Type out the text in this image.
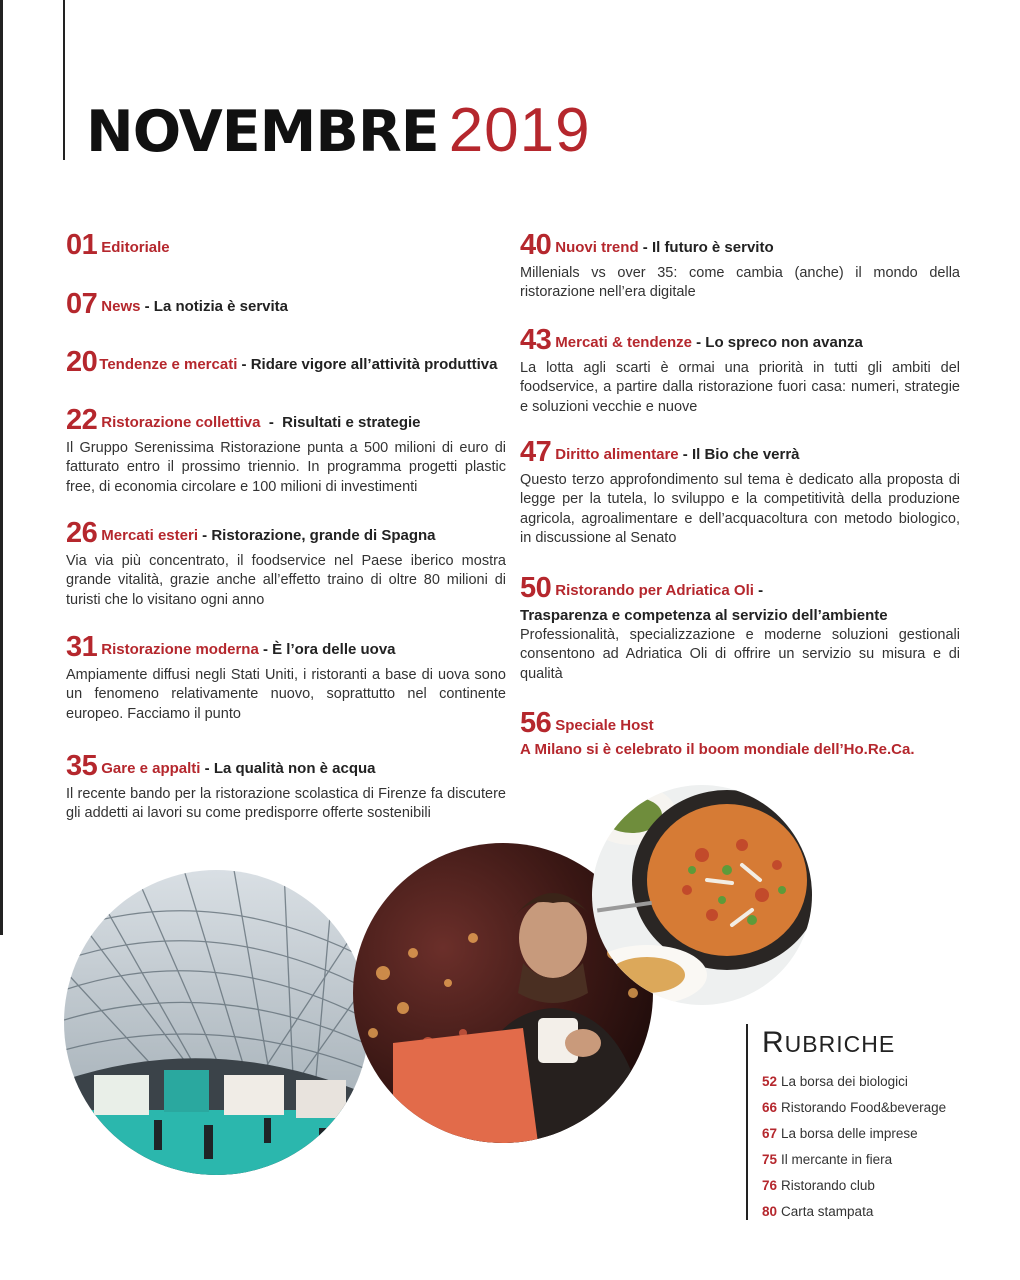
NOVEMBRE 2019
01 Editoriale
07 News - La notizia è servita
20 Tendenze e mercati - Ridare vigore all’attività produttiva
22 Ristorazione collettiva  -  Risultati e strategie
Il Gruppo Serenissima Ristorazione punta a 500 milioni di euro di fatturato entro il prossimo triennio. In programma progetti plastic free, di economia circolare e 100 milioni di investimenti
26 Mercati esteri - Ristorazione, grande di Spagna
Via via più concentrato, il foodservice nel Paese iberico mostra grande vitalità, grazie anche all’effetto traino di oltre 80 milioni di turisti che lo visitano ogni anno
31 Ristorazione moderna - È l’ora delle uova
Ampiamente diffusi negli Stati Uniti, i ristoranti a base di uova sono un fenomeno relativamente nuovo, soprattutto nel continente europeo. Facciamo il punto
35 Gare e appalti - La qualità non è acqua
Il recente bando per la ristorazione scolastica di Firenze fa discutere gli addetti ai lavori su come predisporre offerte sostenibili
40 Nuovi trend - Il futuro è servito
Millenials vs over 35: come cambia (anche) il mondo della ristorazione nell’era digitale
43 Mercati & tendenze - Lo spreco non avanza
La lotta agli scarti è ormai una priorità in tutti gli ambiti del foodservice, a partire dalla ristorazione fuori casa: numeri, strategie e soluzioni vecchie e nuove
47 Diritto alimentare - Il Bio che verrà
Questo terzo approfondimento sul tema è dedicato alla proposta di legge per la tutela, lo sviluppo e la competitività della produzione agricola, agroalimentare e dell’acquacoltura con metodo biologico, in discussione al Senato
50 Ristorando per Adriatica Oli -
Trasparenza e competenza al servizio dell’ambiente
Professionalità, specializzazione e moderne soluzioni gestionali consentono ad Adriatica Oli di offrire un servizio su misura e di qualità
56 Speciale Host
A Milano si è celebrato il boom mondiale dell’Ho.Re.Ca.
RUBRICHE
52 La borsa dei biologici
66 Ristorando Food&beverage
67 La borsa delle imprese
75 Il mercante in fiera
76 Ristorando club
80 Carta stampata
